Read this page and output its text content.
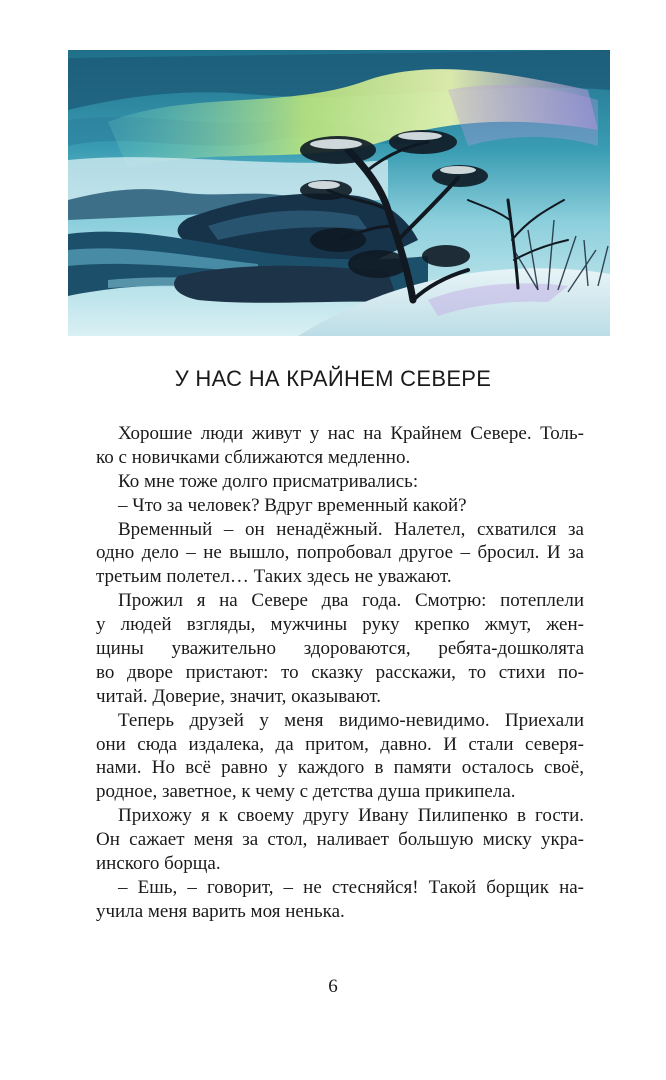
У НАС НА КРАЙНЕМ СЕВЕРЕ
Хорошие люди живут у нас на Крайнем Севере. Толь-
ко с новичками сближаются медленно.
Ко мне тоже долго присматривались:
– Что за человек? Вдруг временный какой?
Временный – он ненадёжный. Налетел, схватился за
одно дело – не вышло, попробовал другое – бросил. И за
третьим полетел… Таких здесь не уважают.
Прожил я на Севере два года. Смотрю: потеплели
у людей взгляды, мужчины руку крепко жмут, жен-
щины уважительно здороваются, ребята-дошколята
во дворе пристают: то сказку расскажи, то стихи по-
читай. Доверие, значит, оказывают.
Теперь друзей у меня видимо-невидимо. Приехали
они сюда издалека, да притом, давно. И стали северя-
нами. Но всё равно у каждого в памяти осталось своё,
родное, заветное, к чему с детства душа прикипела.
Прихожу я к своему другу Ивану Пилипенко в гости.
Он сажает меня за стол, наливает большую миску укра-
инского борща.
– Ешь, – говорит, – не стесняйся! Такой борщик на-
учила меня варить моя ненька.
6
